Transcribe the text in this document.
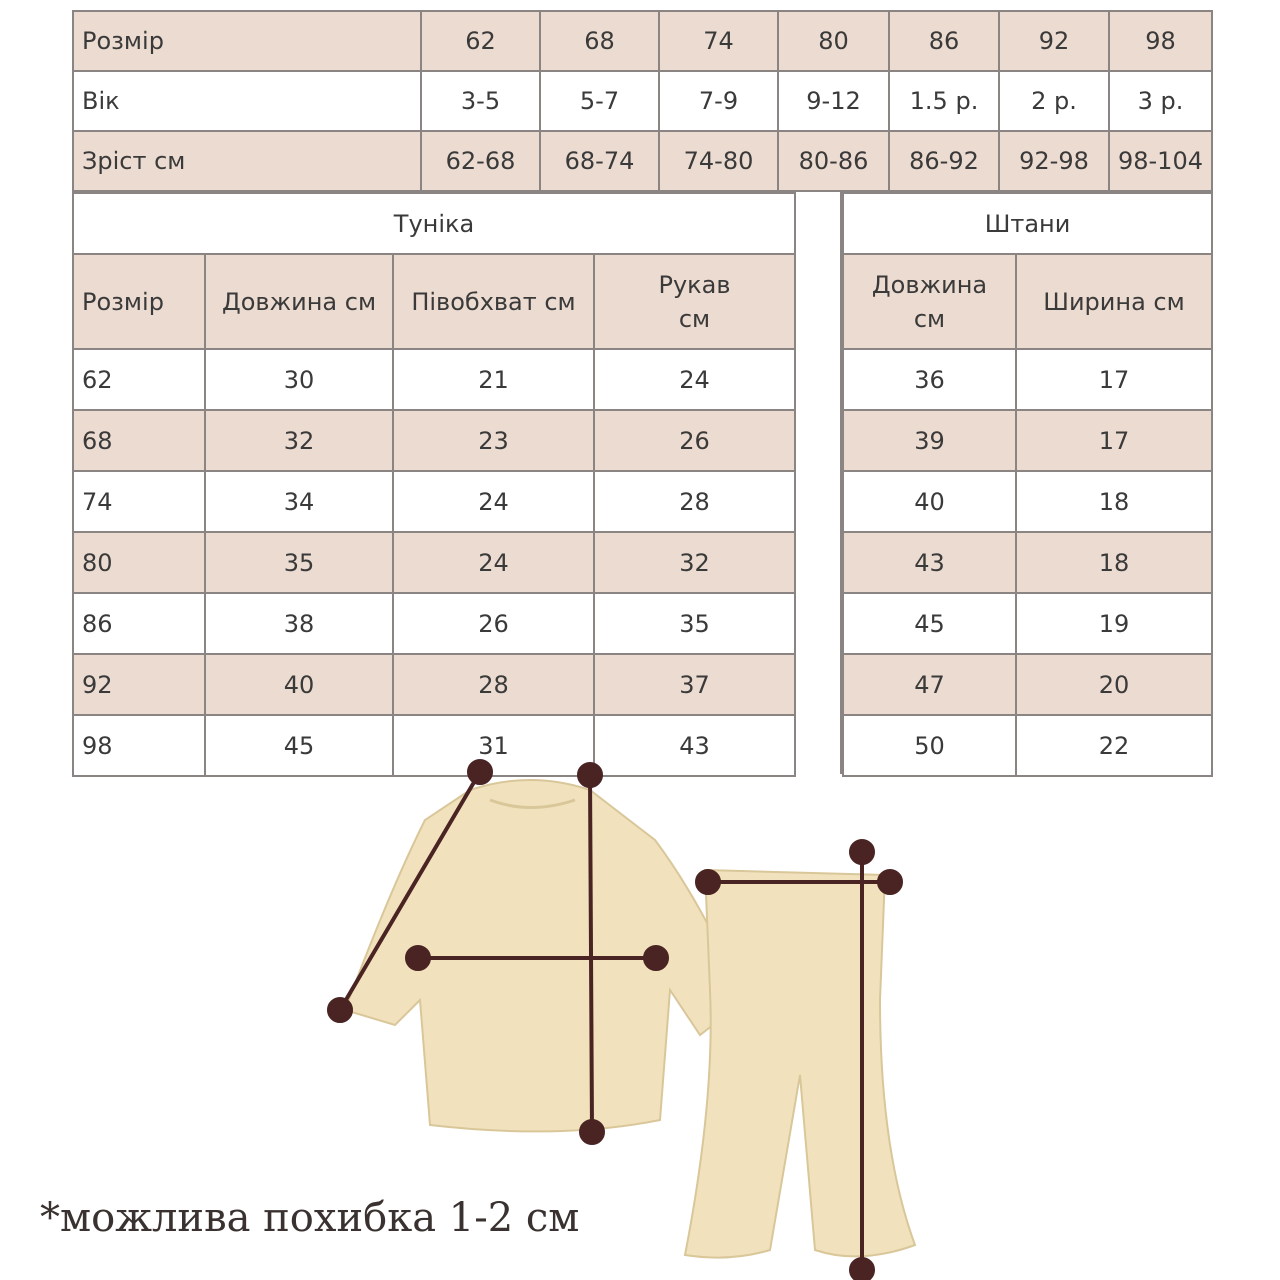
Розмір	62	68	74	80	86	92	98
Вік	3-5	5-7	7-9	9-12	1.5 р.	2 р.	3 р.
Зріст см	62-68	68-74	74-80	80-86	86-92	92-98	98-104
Туніка			
Розмір	Довжина см	Півобхват см	Рукав см
62	30	21	24
68	32	23	26
74	34	24	28
80	35	24	32
86	38	26	35
92	40	28	37
98	45	31	43
Штани	
Довжина см	Ширина см
36	17
39	17
40	18
43	18
45	19
47	20
50	22
*можлива похибка 1-2 см
